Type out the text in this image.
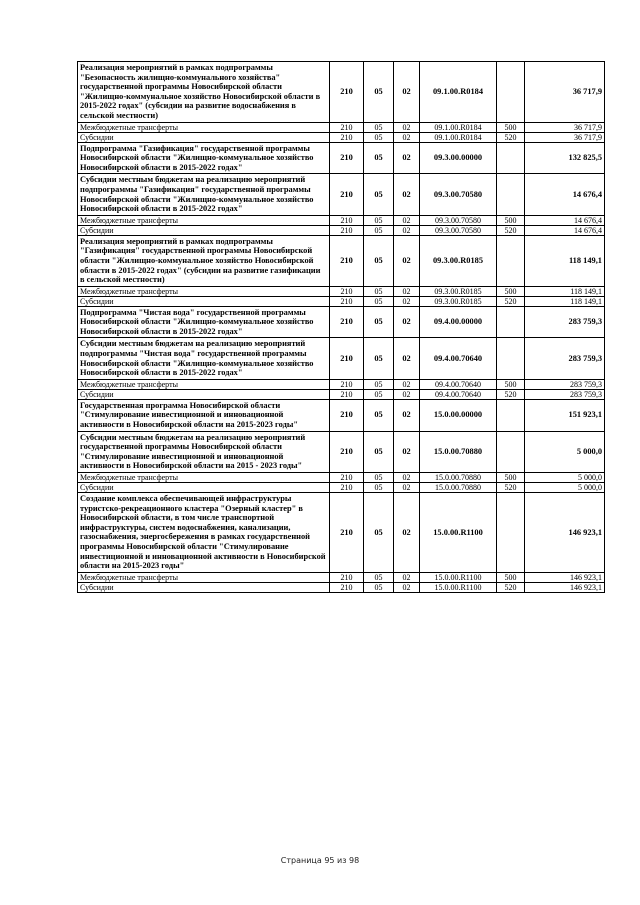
Реализация мероприятий в рамках подпрограммы "Безопасность жилищно-коммунального хозяйства" государственной программы Новосибирской области "Жилищно-коммунальное хозяйство Новосибирской области в 2015-2022 годах" (субсидии на развитие водоснабжения в сельской местности)	210	05	02	09.1.00.R0184		36 717,9
Межбюджетные трансферты	210	05	02	09.1.00.R0184	500	36 717,9
Субсидии	210	05	02	09.1.00.R0184	520	36 717,9
Подпрограмма "Газификация" государственной программы Новосибирской области "Жилищно-коммунальное хозяйство Новосибирской области в 2015-2022 годах"	210	05	02	09.3.00.00000		132 825,5
Субсидии местным бюджетам на реализацию мероприятий подпрограммы "Газификация" государственной программы Новосибирской области "Жилищно-коммунальное хозяйство Новосибирской области в 2015-2022 годах"	210	05	02	09.3.00.70580		14 676,4
Межбюджетные трансферты	210	05	02	09.3.00.70580	500	14 676,4
Субсидии	210	05	02	09.3.00.70580	520	14 676,4
Реализация мероприятий в рамках подпрограммы "Газификация" государственной программы Новосибирской области "Жилищно-коммунальное хозяйство Новосибирской области в 2015-2022 годах" (субсидии на развитие газификации в сельской местности)	210	05	02	09.3.00.R0185		118 149,1
Межбюджетные трансферты	210	05	02	09.3.00.R0185	500	118 149,1
Субсидии	210	05	02	09.3.00.R0185	520	118 149,1
Подпрограмма "Чистая вода" государственной программы Новосибирской области "Жилищно-коммунальное хозяйство Новосибирской области в 2015-2022 годах"	210	05	02	09.4.00.00000		283 759,3
Субсидии местным бюджетам на реализацию мероприятий подпрограммы "Чистая вода" государственной программы Новосибирской области "Жилищно-коммунальное хозяйство Новосибирской области в 2015-2022 годах"	210	05	02	09.4.00.70640		283 759,3
Межбюджетные трансферты	210	05	02	09.4.00.70640	500	283 759,3
Субсидии	210	05	02	09.4.00.70640	520	283 759,3
Государственная программа Новосибирской области "Стимулирование инвестиционной и инновационной активности в Новосибирской области на 2015-2023 годы"	210	05	02	15.0.00.00000		151 923,1
Субсидии местным бюджетам на реализацию мероприятий государственной программы Новосибирской области "Стимулирование инвестиционной и инновационной активности в Новосибирской области на 2015 - 2023 годы"	210	05	02	15.0.00.70880		5 000,0
Межбюджетные трансферты	210	05	02	15.0.00.70880	500	5 000,0
Субсидии	210	05	02	15.0.00.70880	520	5 000,0
Создание комплекса обеспечивающей инфраструктуры туристско-рекреационного кластера "Озерный кластер" в Новосибирской области, в том числе транспортной инфраструктуры, систем водоснабжения, канализации, газоснабжения, энергосбережения в рамках государственной программы Новосибирской области "Стимулирование инвестиционной и инновационной активности в Новосибирской области на 2015-2023 годы"	210	05	02	15.0.00.R1100		146 923,1
Межбюджетные трансферты	210	05	02	15.0.00.R1100	500	146 923,1
Субсидии	210	05	02	15.0.00.R1100	520	146 923,1
Страница 95 из 98
